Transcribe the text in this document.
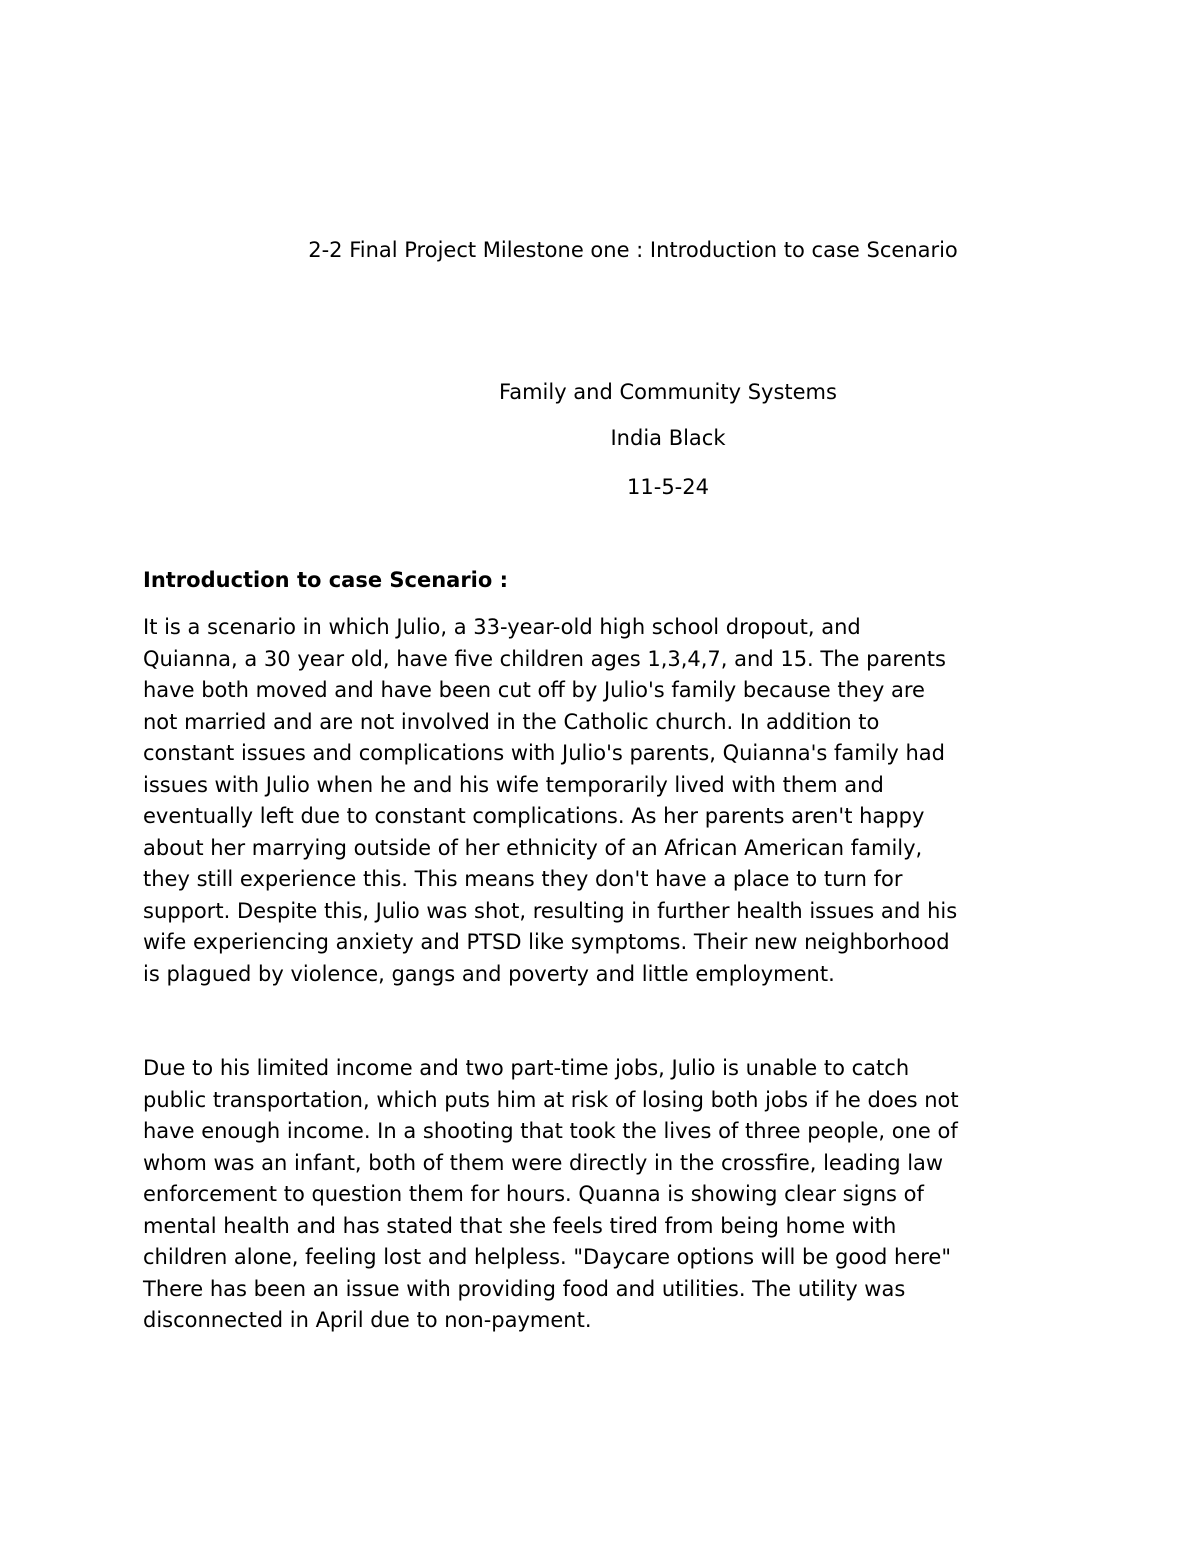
2-2 Final Project Milestone one : Introduction to case Scenario
Family and Community Systems
India Black
11-5-24
Introduction to case Scenario :
It is a scenario in which Julio, a 33-year-old high school dropout, and
Quianna, a 30 year old, have five children ages 1,3,4,7, and 15. The parents
have both moved and have been cut off by Julio's family because they are
not married and are not involved in the Catholic church. In addition to
constant issues and complications with Julio's parents, Quianna's family had
issues with Julio when he and his wife temporarily lived with them and
eventually left due to constant complications. As her parents aren't happy
about her marrying outside of her ethnicity of an African American family,
they still experience this. This means they don't have a place to turn for
support. Despite this, Julio was shot, resulting in further health issues and his
wife experiencing anxiety and PTSD like symptoms. Their new neighborhood
is plagued by violence, gangs and poverty and little employment.
Due to his limited income and two part-time jobs, Julio is unable to catch
public transportation, which puts him at risk of losing both jobs if he does not
have enough income. In a shooting that took the lives of three people, one of
whom was an infant, both of them were directly in the crossfire, leading law
enforcement to question them for hours. Quanna is showing clear signs of
mental health and has stated that she feels tired from being home with
children alone, feeling lost and helpless. "Daycare options will be good here"
There has been an issue with providing food and utilities. The utility was
disconnected in April due to non-payment.
